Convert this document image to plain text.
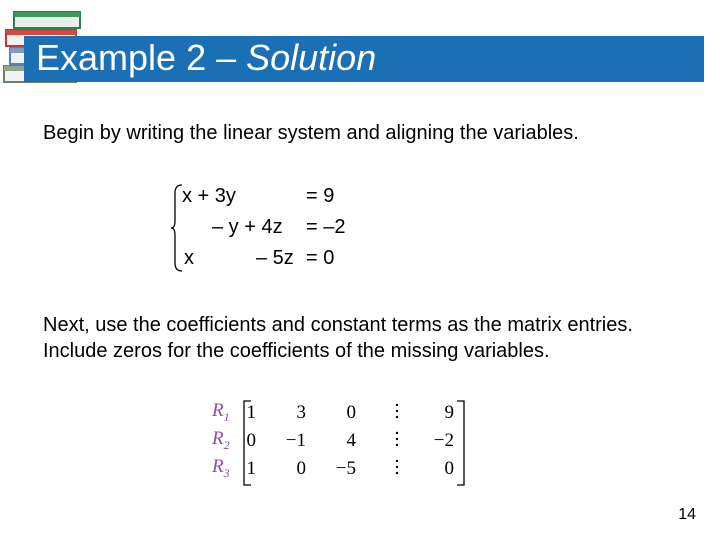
Example 2 – Solution

Begin by writing the linear system and aligning the variables.

x + 3y	= 9
– y + 4z = –2
x	– 5z = 0

Next, use the coefficients and constant terms as the matrix entries. Include zeros for the coefficients of the missing variables.

$R_1$
$R_2$
$R_3$
1	3	0	9
0	−1	4	−2
1	0	−5	0
14
